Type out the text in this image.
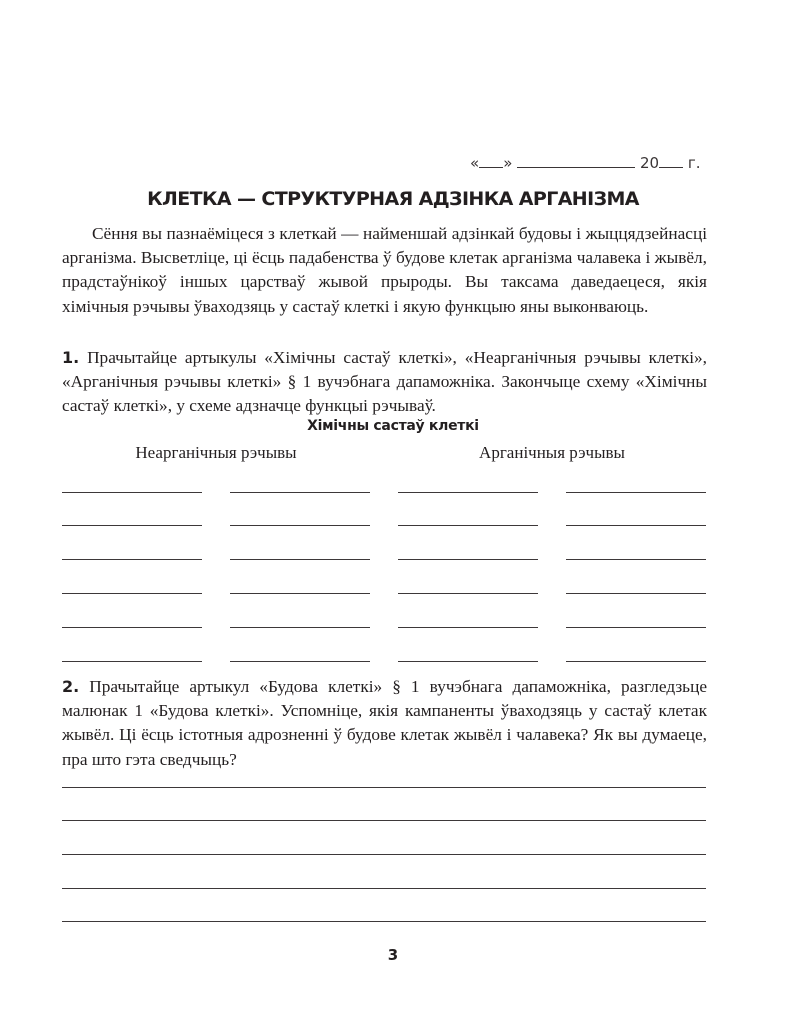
« »	20 г.
КЛЕТКА — СТРУКТУРНАЯ АДЗІНКА АРГАНІЗМА

Сёння вы пазнаёміцеся з клеткай — найменшай адзінкай будовы і жыццядзейнасці арганізма. Высветліце, ці ёсць падабенства ў будове клетак арганізма чалавека і жывёл, прадстаўнікоў іншых царстваў жывой прыроды. Вы таксама даведаецеся, якія хімічныя рэчывы ўваходзяць у састаў клеткі і якую функцыю яны выконваюць.

1. Прачытайце артыкулы «Хімічны састаў клеткі», «Неарганічныя рэчывы клеткі», «Арганічныя рэчывы клеткі» § 1 вучэбнага дапаможніка. Закончыце схему «Хімічны састаў клеткі», у схеме адзначце функцыі рэчываў.

Хімічны састаў клеткі
Неарганічныя рэчывы	Арганічныя рэчывы

2. Прачытайце артыкул «Будова клеткі» § 1 вучэбнага дапаможніка, разгледзьце малюнак 1 «Будова клеткі». Успомніце, якія кампаненты ўваходзяць у састаў клетак жывёл. Ці ёсць істотныя адрозненні ў будове клетак жывёл і чалавека? Як вы думаеце, пра што гэта сведчыць?

3
